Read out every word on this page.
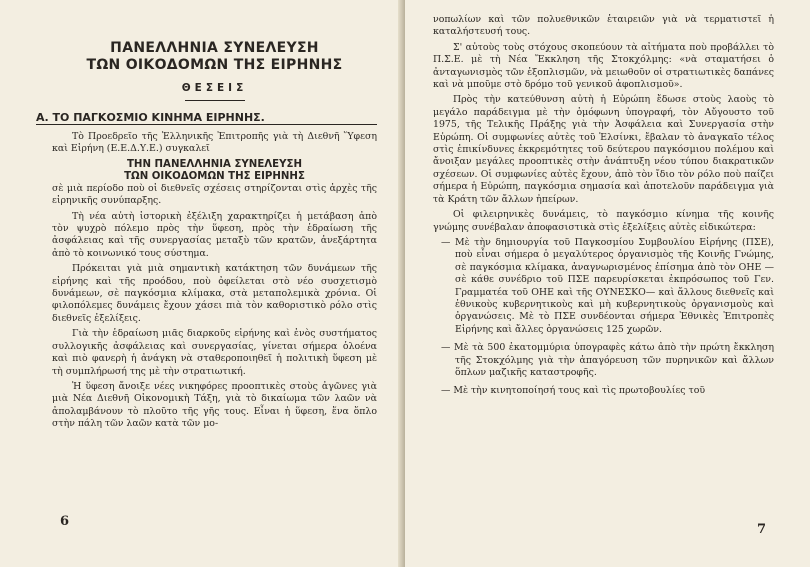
ΠΑΝΕΛΛΗΝΙΑ ΣΥΝΕΛΕΥΣΗ
ΤΩΝ ΟΙΚΟΔΟΜΩΝ ΤΗΣ ΕΙΡΗΝΗΣ
ΘΕΣΕΙΣ
Α. ΤΟ ΠΑΓΚΟΣΜΙΟ ΚΙΝΗΜΑ ΕΙΡΗΝΗΣ.

Τὸ Προεδρεῖο τῆς Ἑλληνικῆς Ἐπιτροπῆς γιὰ τὴ Διεθνῆ Ὕφεση καὶ Εἰρήνη (Ε.Ε.Δ.Υ.Ε.) συγκαλεῖ

ΤΗΝ ΠΑΝΕΛΛΗΝΙΑ ΣΥΝΕΛΕΥΣΗ
ΤΩΝ ΟΙΚΟΔΟΜΩΝ ΤΗΣ ΕΙΡΗΝΗΣ

σὲ μιὰ περίοδο ποὺ οἱ διεθνεῖς σχέσεις στηρίζονται στὶς ἀρχὲς τῆς εἰρηνικῆς συνύπαρξης.

Τὴ νέα αὐτὴ ἱστορικὴ ἐξέλιξη χαρακτηρίζει ἡ μετάβαση ἀπὸ τὸν ψυχρὸ πόλεμο πρὸς τὴν ὕφεση, πρὸς τὴν ἑδραίωση τῆς ἀσφάλειας καὶ τῆς συνεργασίας μεταξὺ τῶν κρατῶν, ἀνεξάρτητα ἀπὸ τὸ κοινωνικό τους σύστημα.

Πρόκειται γιὰ μιὰ σημαντικὴ κατάκτηση τῶν δυνάμεων τῆς εἰρήνης καὶ τῆς προόδου, ποὺ ὀφείλεται στὸ νέο συσχετισμὸ δυνάμεων, σὲ παγκόσμια κλίμακα, στὰ μεταπολεμικὰ χρόνια. Οἱ φιλοπόλεμες δυνάμεις ἔχουν χάσει πιὰ τὸν καθοριστικὸ ρόλο στὶς διεθνεῖς ἐξελίξεις.

Γιὰ τὴν ἑδραίωση μιᾶς διαρκοῦς εἰρήνης καὶ ἑνὸς συστήματος συλλογικῆς ἀσφάλειας καὶ συνεργασίας, γίνεται σήμερα ὁλοένα καὶ πιὸ φανερὴ ἡ ἀνάγκη νὰ σταθεροποιηθεῖ ἡ πολιτικὴ ὕφεση μὲ τὴ συμπλήρωσή της μὲ τὴν στρατιωτική.

Ἡ ὕφεση ἄνοιξε νέες νικηφόρες προοπτικὲς στοὺς ἀγῶνες γιὰ μιὰ Νέα Διεθνῆ Οἰκονομικὴ Τάξη, γιὰ τὸ δικαίωμα τῶν λαῶν νὰ ἀπολαμβάνουν τὸ πλοῦτο τῆς γῆς τους. Εἶναι ἡ ὕφεση, ἕνα ὅπλο στὴν πάλη τῶν λαῶν κατὰ τῶν μο-

6

νοπωλίων καὶ τῶν πολυεθνικῶν ἑταιρειῶν γιὰ νὰ τερματιστεῖ ἡ καταλήστευσή τους.

Σ' αὐτοὺς τοὺς στόχους σκοπεύουν τὰ αἰτήματα ποὺ προβάλλει τὸ Π.Σ.Ε. μὲ τὴ Νέα Ἔκκληση τῆς Στοκχόλμης: «νὰ σταματήσει ὁ ἀνταγωνισμὸς τῶν ἐξοπλισμῶν, νὰ μειωθοῦν οἱ στρατιωτικὲς δαπάνες καὶ νὰ μποῦμε στὸ δρόμο τοῦ γενικοῦ ἀφοπλισμοῦ».

Πρὸς τὴν κατεύθυνση αὐτὴ ἡ Εὐρώπη ἔδωσε στοὺς λαοὺς τὸ μεγάλο παράδειγμα μὲ τὴν ὁμόφωνη ὑπογραφή, τὸν Αὔγουστο τοῦ 1975, τῆς Τελικῆς Πράξης γιὰ τὴν Ἀσφάλεια καὶ Συνεργασία στὴν Εὐρώπη. Οἱ συμφωνίες αὐτὲς τοῦ Ἑλσίνκι, ἔβαλαν τὸ ἀναγκαῖο τέλος στὶς ἐπικίνδυνες ἐκκρεμότητες τοῦ δεύτερου παγκόσμιου πολέμου καὶ ἄνοιξαν μεγάλες προοπτικὲς στὴν ἀνάπτυξη νέου τύπου διακρατικῶν σχέσεων. Οἱ συμφωνίες αὐτὲς ἔχουν, ἀπὸ τὸν ἴδιο τὸν ρόλο ποὺ παίζει σήμερα ἡ Εὐρώπη, παγκόσμια σημασία καὶ ἀποτελοῦν παράδειγμα γιὰ τὰ Κράτη τῶν ἄλλων ἠπείρων.

Οἱ φιλειρηνικὲς δυνάμεις, τὸ παγκόσμιο κίνημα τῆς κοινῆς γνώμης συνέβαλαν ἀποφασιστικὰ στὶς ἐξελίξεις αὐτὲς εἰδικώτερα:

— Μὲ τὴν δημιουργία τοῦ Παγκοσμίου Συμβουλίου Εἰρήνης (ΠΣΕ), ποὺ εἶναι σήμερα ὁ μεγαλύτερος ὀργανισμὸς τῆς Κοινῆς Γνώμης, σὲ παγκόσμια κλίμακα, ἀναγνωρισμένος ἐπίσημα ἀπὸ τὸν ΟΗΕ —σὲ κάθε συνέδριο τοῦ ΠΣΕ παρευρίσκεται ἐκπρόσωπος τοῦ Γεν. Γραμματέα τοῦ ΟΗΕ καὶ τῆς ΟΥΝΕΣΚΟ— καὶ ἄλλους διεθνεῖς καὶ ἐθνικοὺς κυβερνητικοὺς καὶ μὴ κυβερνητικοὺς ὀργανισμοὺς καὶ ὀργανώσεις. Μὲ τὸ ΠΣΕ συνδέονται σήμερα Ἐθνικὲς Ἐπιτροπὲς Εἰρήνης καὶ ἄλλες ὀργανώσεις 125 χωρῶν.

— Μὲ τὰ 500 ἑκατομμύρια ὑπογραφὲς κάτω ἀπὸ τὴν πρώτη ἔκκληση τῆς Στοκχόλμης γιὰ τὴν ἀπαγόρευση τῶν πυρηνικῶν καὶ ἄλλων ὅπλων μαζικῆς καταστροφῆς.

— Μὲ τὴν κινητοποίησή τους καὶ τὶς πρωτοβουλίες τοῦ

7
